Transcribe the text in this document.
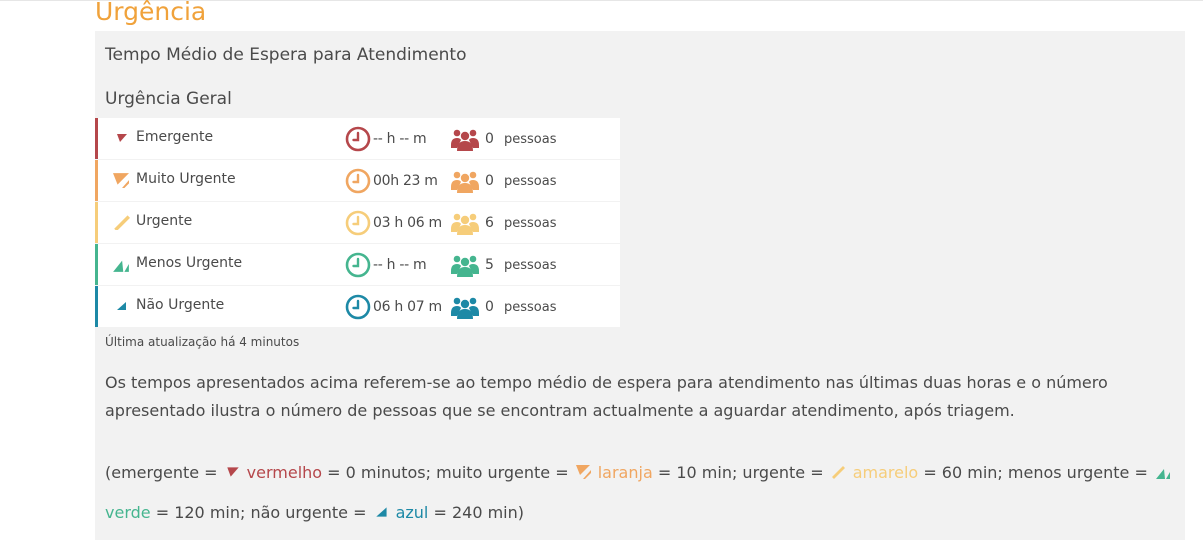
Urgência
Tempo Médio de Espera para Atendimento
Urgência Geral
Emergente	-- h -- m	0 pessoas
Muito Urgente	00h 23 m	0 pessoas
Urgente	03 h 06 m	6 pessoas
Menos Urgente	-- h -- m	5 pessoas
Não Urgente	06 h 07 m	0 pessoas
Última atualização há 4 minutos
Os tempos apresentados acima referem-se ao tempo médio de espera para atendimento nas últimas duas horas e o número apresentado ilustra o número de pessoas que se encontram actualmente a aguardar atendimento, após triagem.
(emergente = vermelho = 0 minutos; muito urgente = laranja = 10 min; urgente = amarelo = 60 min; menos urgente = verde = 120 min; não urgente = azul = 240 min)
